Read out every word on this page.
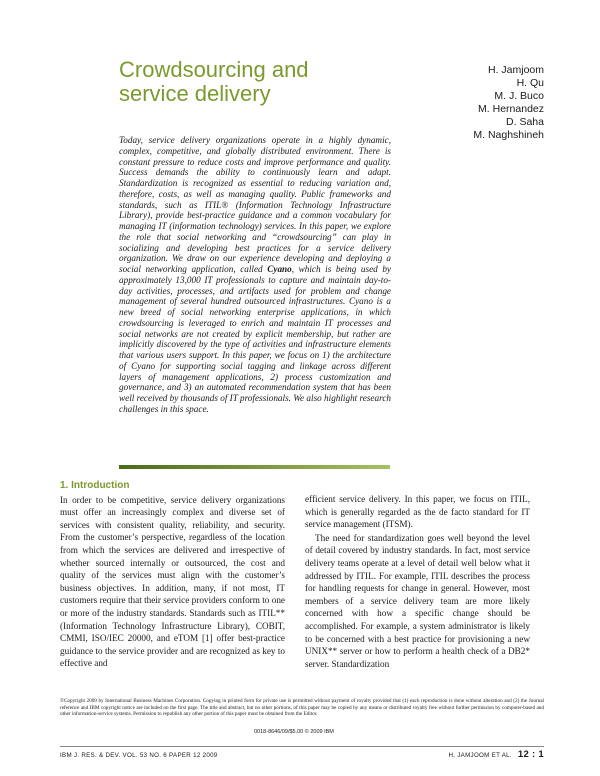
Crowdsourcing and service delivery
H. Jamjoom
H. Qu
M. J. Buco
M. Hernandez
D. Saha
M. Naghshineh

Today, service delivery organizations operate in a highly dynamic, complex, competitive, and globally distributed environment. There is constant pressure to reduce costs and improve performance and quality. Success demands the ability to continuously learn and adapt. Standardization is recognized as essential to reducing variation and, therefore, costs, as well as managing quality. Public frameworks and standards, such as ITIL® (Information Technology Infrastructure Library), provide best-practice guidance and a common vocabulary for managing IT (information technology) services. In this paper, we explore the role that social networking and “crowdsourcing” can play in socializing and developing best practices for a service delivery organization. We draw on our experience developing and deploying a social networking application, called Cyano, which is being used by approximately 13,000 IT professionals to capture and maintain day-to-day activities, processes, and artifacts used for problem and change management of several hundred outsourced infrastructures. Cyano is a new breed of social networking enterprise applications, in which crowdsourcing is leveraged to enrich and maintain IT processes and social networks are not created by explicit membership, but rather are implicitly discovered by the type of activities and infrastructure elements that various users support. In this paper, we focus on 1) the architecture of Cyano for supporting social tagging and linkage across different layers of management applications, 2) process customization and governance, and 3) an automated recommendation system that has been well received by thousands of IT professionals. We also highlight research challenges in this space.

1. Introduction

In order to be competitive, service delivery organizations must offer an increasingly complex and diverse set of services with consistent quality, reliability, and security. From the customer’s perspective, regardless of the location from which the services are delivered and irrespective of whether sourced internally or outsourced, the cost and quality of the services must align with the customer’s business objectives. In addition, many, if not most, IT customers require that their service providers conform to one or more of the industry standards. Standards such as ITIL** (Information Technology Infrastructure Library), COBIT, CMMI, ISO/IEC 20000, and eTOM [1] offer best-practice guidance to the service provider and are recognized as key to effective and

efficient service delivery. In this paper, we focus on ITIL, which is generally regarded as the de facto standard for IT service management (ITSM).

The need for standardization goes well beyond the level of detail covered by industry standards. In fact, most service delivery teams operate at a level of detail well below what it addressed by ITIL. For example, ITIL describes the process for handling requests for change in general. However, most members of a service delivery team are more likely concerned with how a specific change should be accomplished. For example, a system administrator is likely to be concerned with a best practice for provisioning a new UNIX** server or how to perform a health check of a DB2* server. Standardization

©Copyright 2009 by International Business Machines Corporation. Copying in printed form for private use is permitted without payment of royalty provided that (1) each reproduction is done without alteration and (2) the Journal reference and IBM copyright notice are included on the first page. The title and abstract, but no other portions, of this paper may be copied by any means or distributed royalty free without further permission by computer-based and other information-service systems. Permission to republish any other portion of this paper must be obtained from the Editor.
0018-8646/09/$5.00 © 2009 IBM
IBM J. RES. & DEV. VOL. 53 NO. 6 PAPER 12 2009	H. JAMJOOM ET AL. 12 : 1
